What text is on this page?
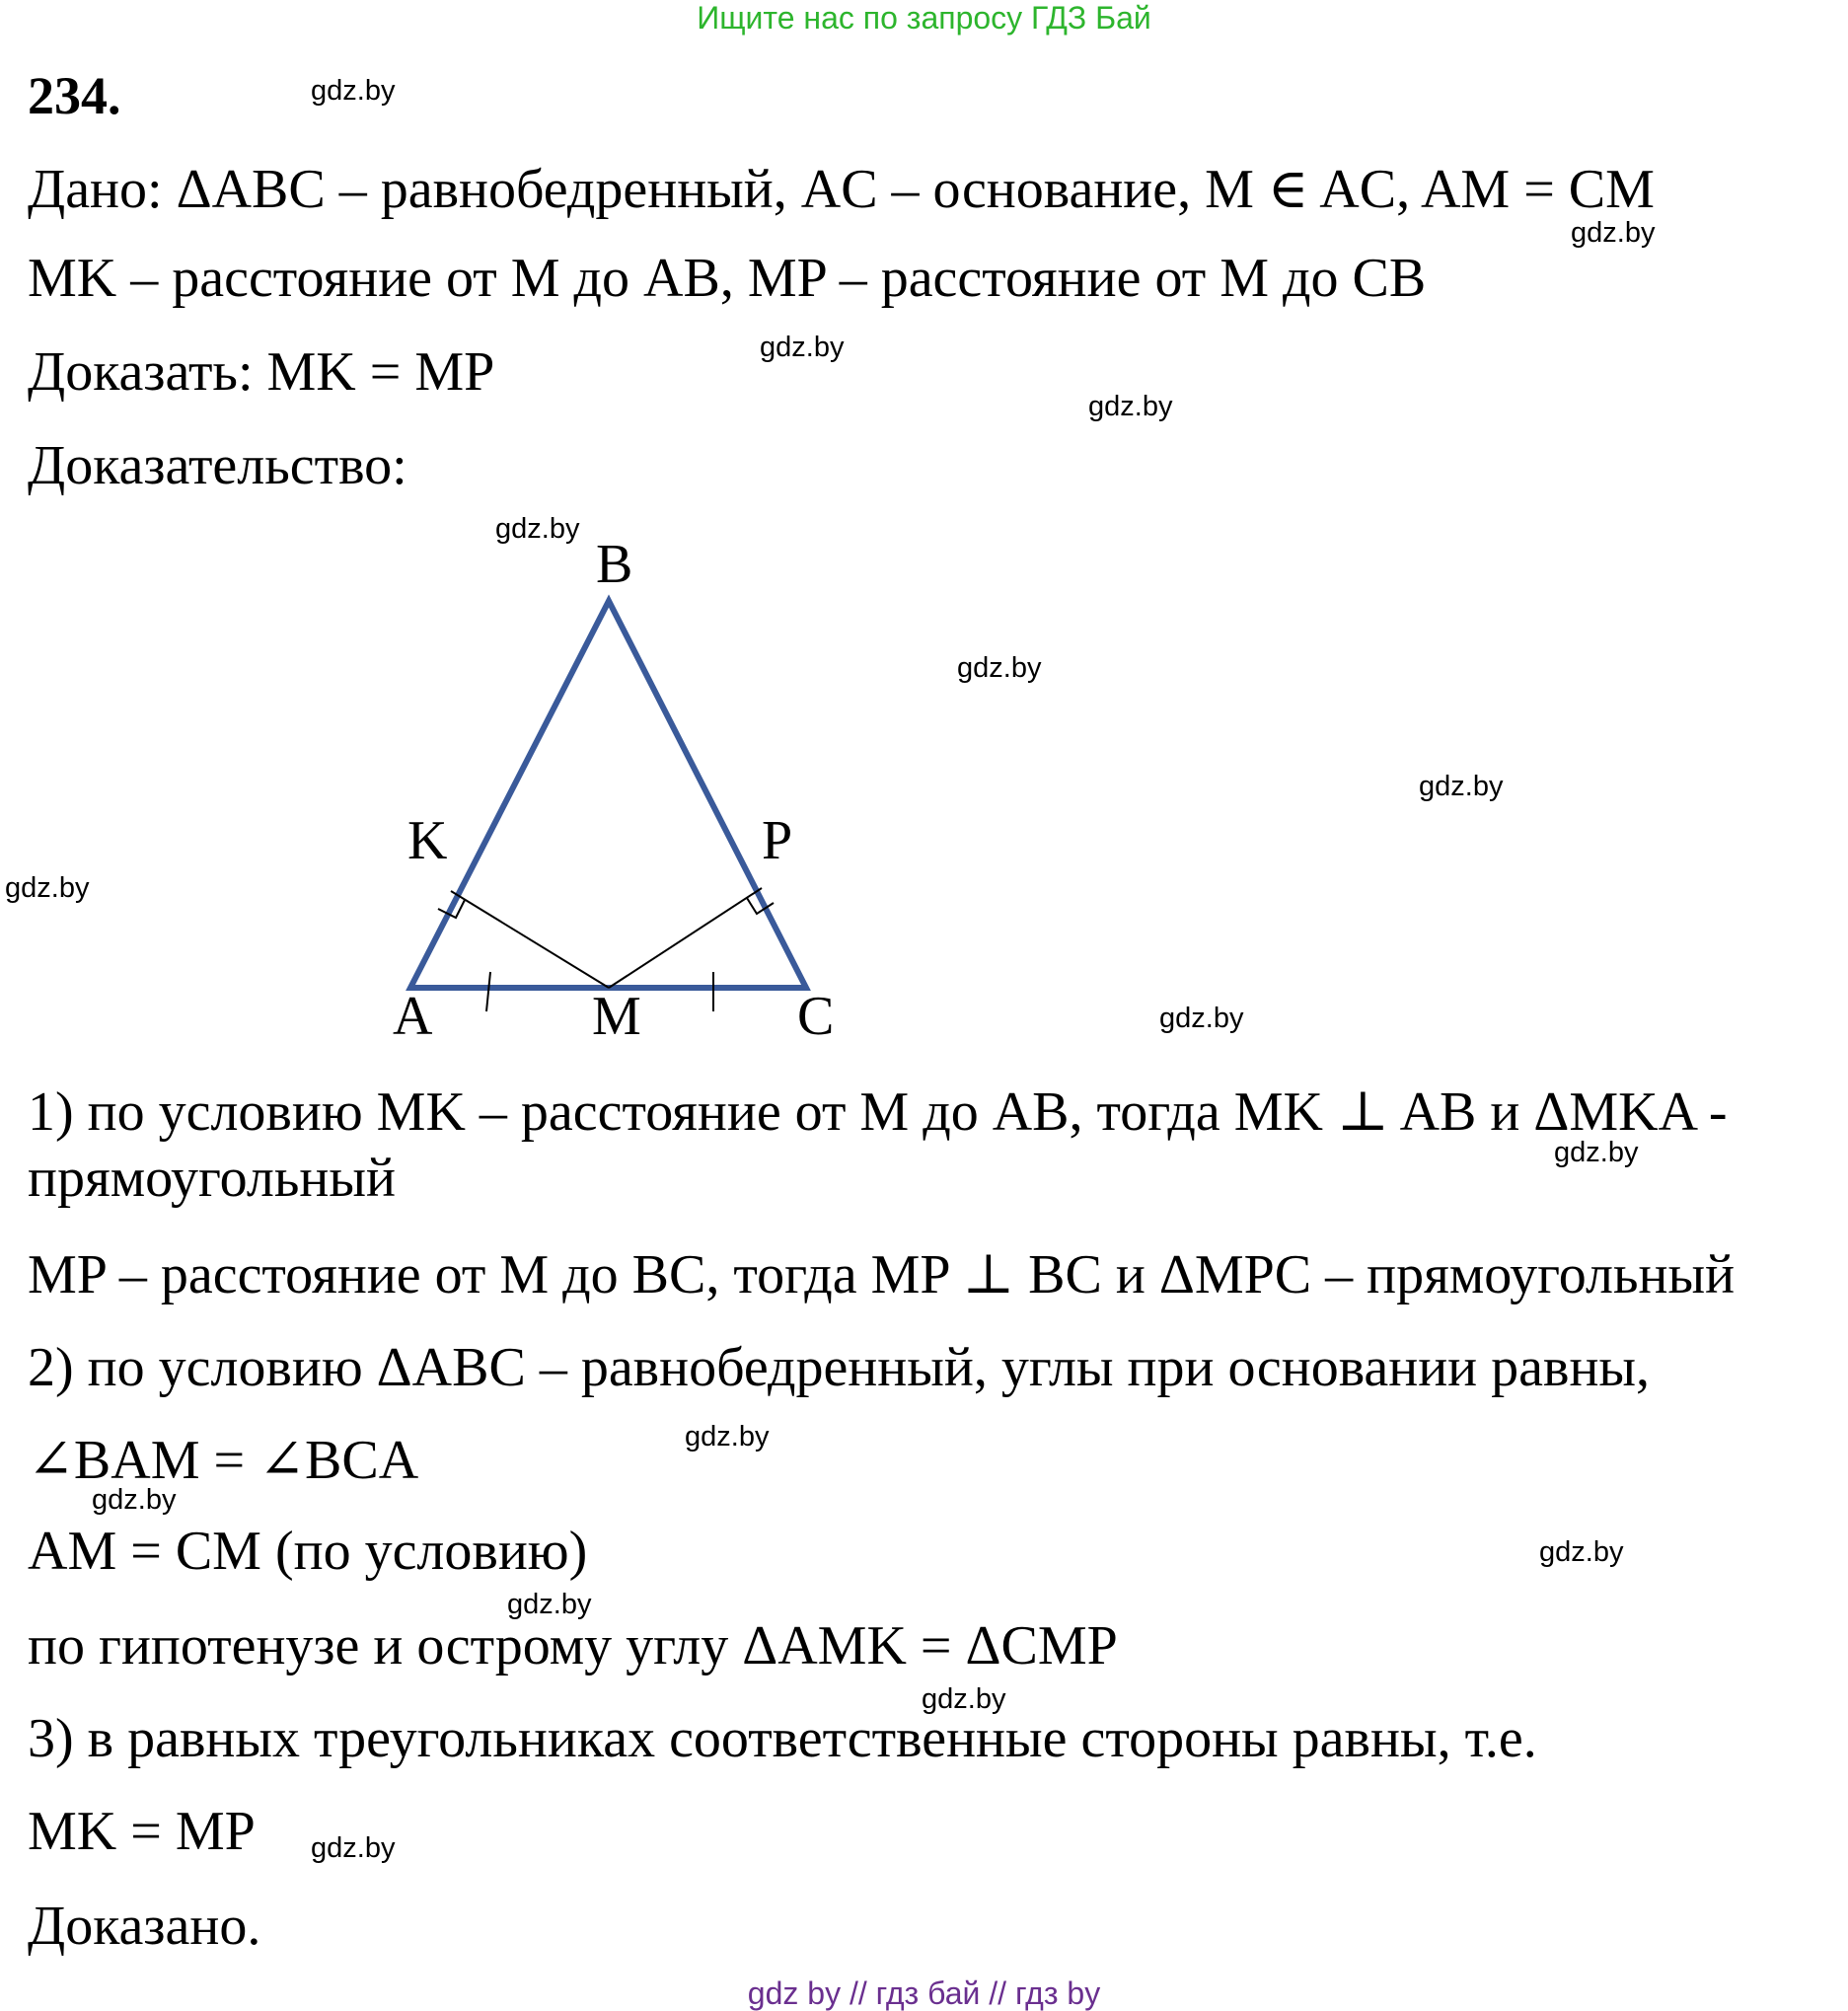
Ищите нас по запросу ГДЗ Бай
234.
Дано: ΔABC – равнобедренный, AC – основание, M ∈ AC, AM = CM
MK – расстояние от M до AB, MP – расстояние от M до CB
Доказать: MK = MP
Доказательство:
B
K	P
A	M	C
1) по условию MK – расстояние от M до AB, тогда MK ⊥ AB и ΔMKA -
прямоугольный
MP – расстояние от M до BC, тогда MP ⊥ BC и ΔMPC – прямоугольный
2) по условию ΔABC – равнобедренный, углы при основании равны,
∠BAM = ∠BCA
AM = CM (по условию)
по гипотенузе и острому углу ΔAMK = ΔCMP
3) в равных треугольниках соответственные стороны равны, т.е.
MK = MP
Доказано.
gdz.by
gdz.by
gdz.by
gdz.by
gdz.by
gdz.by
gdz.by
gdz.by
gdz.by
gdz.by
gdz.by
gdz.by
gdz.by
gdz.by
gdz.by
gdz.by
gdz by // гдз бай // гдз by
